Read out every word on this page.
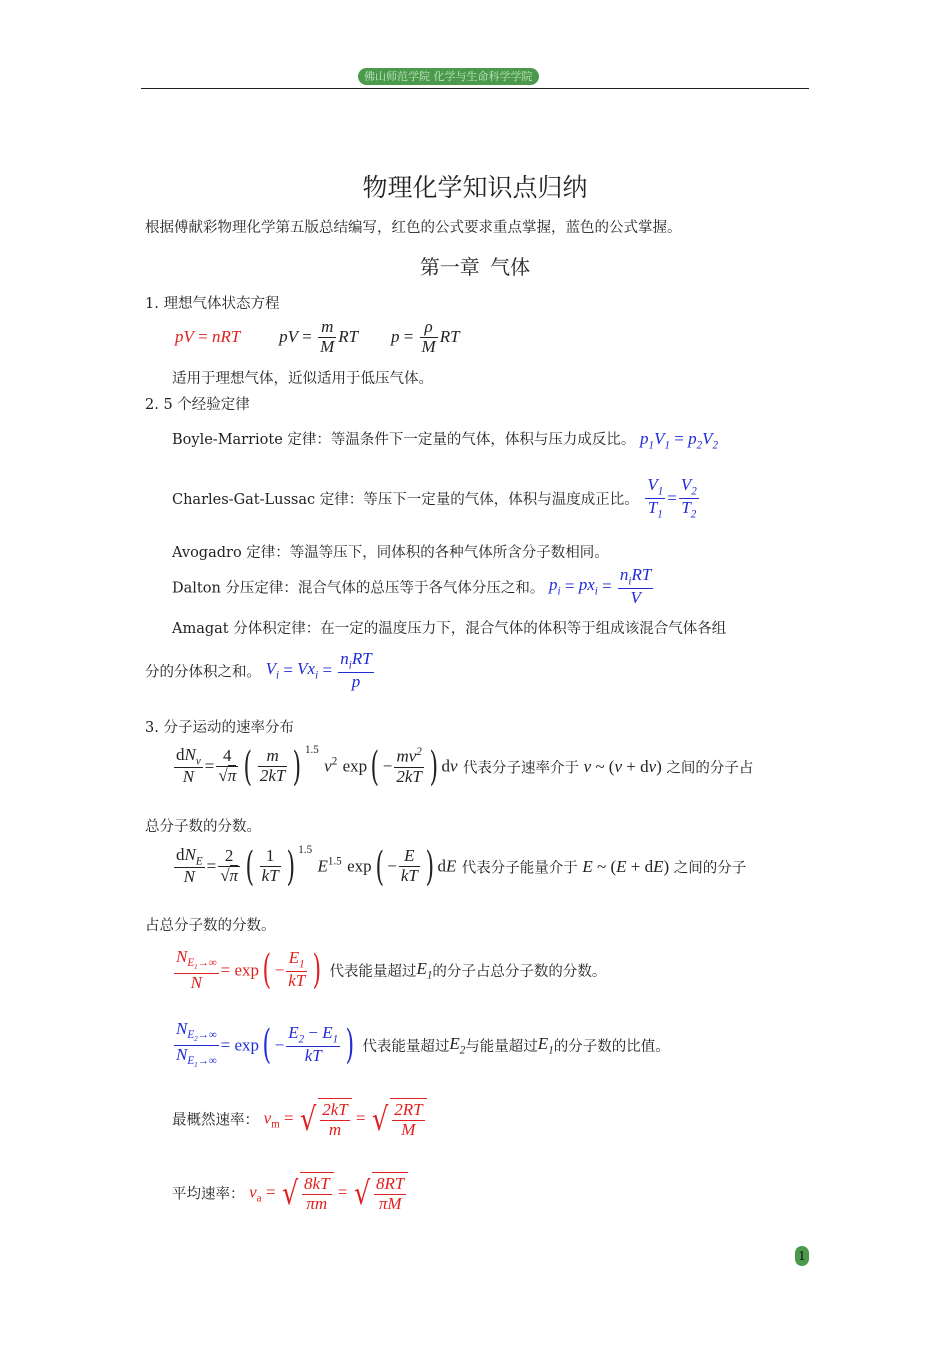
佛山师范学院 化学与生命科学学院
物理化学知识点归纳
根据傅献彩物理化学第五版总结编写，红色的公式要求重点掌握，蓝色的公式掌握。
第一章 气体
1. 理想气体状态方程
pV = nRT pV = $\frac{m}{M}$ RT $p = \frac{\rho}{M}$ RT
适用于理想气体，近似适用于低压气体。
2. 5 个经验定律
Boyle-Marriote 定律：等温条件下一定量的气体，体积与压力成反比。 $p_1V_1 = p_2V_2$
Charles-Gat-Lussac 定律：等压下一定量的气体，体积与温度成正比。 $\frac{V_1}{T_1} = \frac{V_2}{T_2}$
Avogadro 定律：等温等压下，同体积的各种气体所含分子数相同。
Dalton 分压定律：混合气体的总压等于各气体分压之和。 $p_i = px_i = \frac{n_iRT}{V}$
Amagat 分体积定律：在一定的温度压力下，混合气体的体积等于组成该混合气体各组
分的分体积之和。 $V_i = Vx_i = \frac{n_iRT}{p}$
3. 分子运动的速率分布
$\frac{dN_v}{N} = \frac{4}{√\pi}$ ( $\frac{m}{2kT}$ ) $^{1.5}$ $v^2$ $\exp( - \frac{mv^2}{2kT}$ ) dv 代表分子速率介于 v ~ (v + dv) 之间的分子占
总分子数的分数。
$\frac{dN_E}{N} = \frac{2}{√\pi}$ ( $\frac{1}{kT}$ ) $^{1.5}$ $E^{1.5}$ $\exp( - \frac{E}{kT}$ ) dE 代表分子能量介于 E ~ (E + dE) 之间的分子
占总分子数的分数。
$\frac{N_{E_1\to\infty}}{N} = \exp( - \frac{E_1}{kT}$ ) 代表能量超过$E_1$的分子占总分子数的分数。
$\frac{N_{E_2\to\infty}}{N_{E_1\to\infty}} = \exp( - \frac{E_2 - E_1}{kT}$ ) 代表能量超过$E_2$与能量超过$E_1$的分子数的比值。
最概然速率： $v_m$ = √ $\frac{2kT}{m}$ = √ $\frac{2RT}{M}$
平均速率： $v_a$ = √ $\frac{8kT}{\pi m}$ = √ $\frac{8RT}{\pi M}$
1
